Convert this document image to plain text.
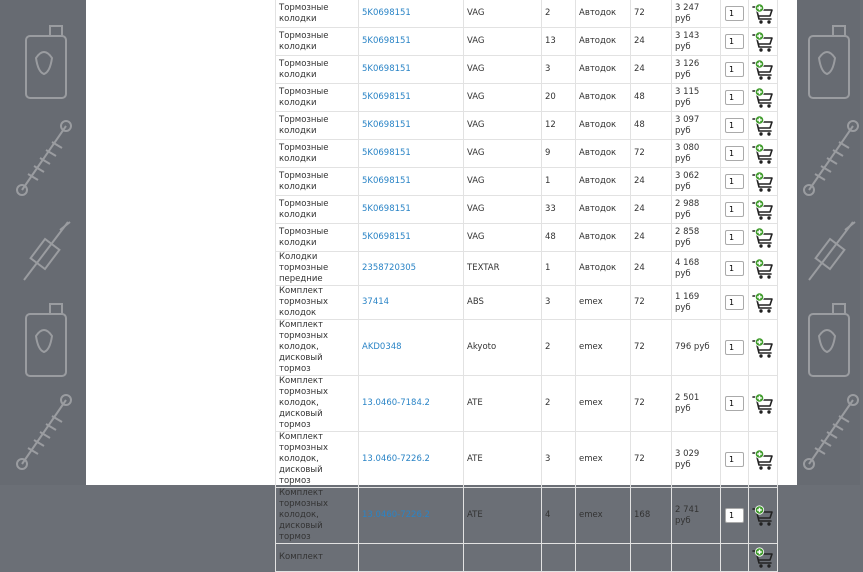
Тормозные колодки	5K0698151	VAG	2	Автодок	72	3 247 руб	1	

Тормозные колодки	5K0698151	VAG	13	Автодок	24	3 143 руб	1	

Тормозные колодки	5K0698151	VAG	3	Автодок	24	3 126 руб	1	

Тормозные колодки	5K0698151	VAG	20	Автодок	48	3 115 руб	1	

Тормозные колодки	5K0698151	VAG	12	Автодок	48	3 097 руб	1	

Тормозные колодки	5K0698151	VAG	9	Автодок	72	3 080 руб	1	

Тормозные колодки	5K0698151	VAG	1	Автодок	24	3 062 руб	1	

Тормозные колодки	5K0698151	VAG	33	Автодок	24	2 988 руб	1	

Тормозные колодки	5K0698151	VAG	48	Автодок	24	2 858 руб	1	

Колодки тормозные
передние	2358720305	TEXTAR	1	Автодок	24	4 168 руб	1	

Комплект
тормозных колодок	37414	ABS	3	emex	72	1 169 руб	1	

Комплект
тормозных колодок,
дисковый тормоз	AKD0348	Akyoto	2	emex	72	796 руб	1	

Комплект
тормозных колодок,
дисковый тормоз	13.0460-7184.2	ATE	2	emex	72	2 501 руб	1	

Комплект
тормозных колодок,
дисковый тормоз	13.0460-7226.2	ATE	3	emex	72	3 029 руб	1	

Комплект
тормозных колодок,
дисковый тормоз	13.0460-7226.2	ATE	4	emex	168	2 741 руб	1	

Комплект								
